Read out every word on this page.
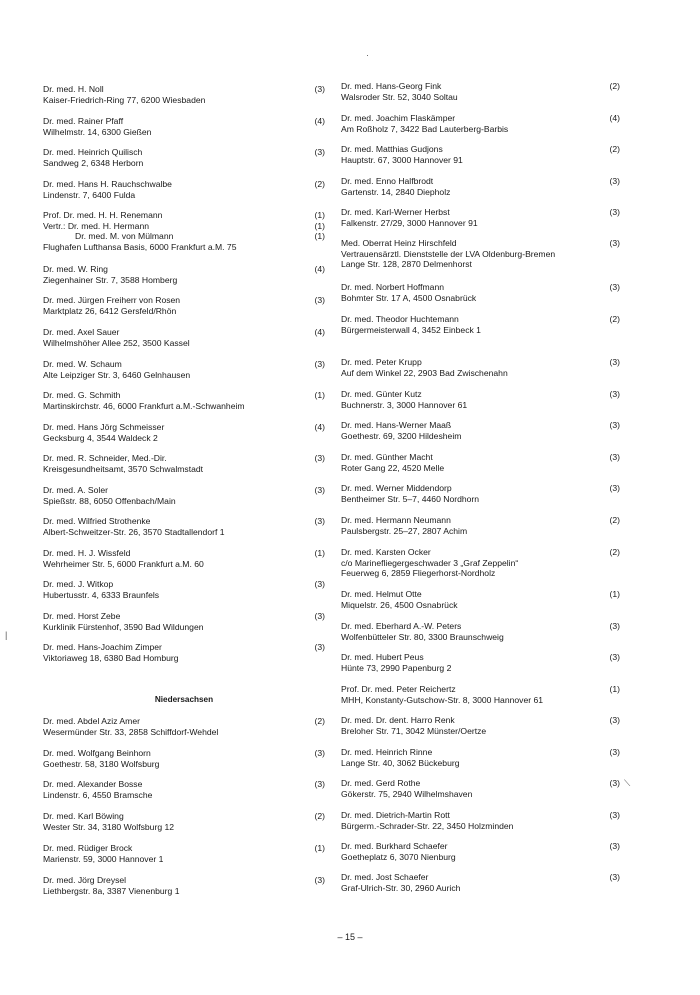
Dr. med. H. Noll
Kaiser-Friedrich-Ring 77, 6200 Wiesbaden
(3)
Dr. med. Rainer Pfaff
Wilhelmstr. 14, 6300 Gießen
(4)
Dr. med. Heinrich Quilisch
Sandweg 2, 6348 Herborn
(3)
Dr. med. Hans H. Rauchschwalbe
Lindenstr. 7, 6400 Fulda
(2)
Prof. Dr. med. H. H. Renemann
Vertr.: Dr. med. H. Hermann
Dr. med. M. von Mülmann
Flughafen Lufthansa Basis, 6000 Frankfurt a.M. 75
(1)
(1)
(1)
Dr. med. W. Ring
Ziegenhainer Str. 7, 3588 Homberg
(4)
Dr. med. Jürgen Freiherr von Rosen
Marktplatz 26, 6412 Gersfeld/Rhön
(3)
Dr. med. Axel Sauer
Wilhelmshöher Allee 252, 3500 Kassel
(4)
Dr. med. W. Schaum
Alte Leipziger Str. 3, 6460 Gelnhausen
(3)
Dr. med. G. Schmith
Martinskirchstr. 46, 6000 Frankfurt a.M.-Schwanheim
(1)
Dr. med. Hans Jörg Schmeisser
Gecksburg 4, 3544 Waldeck 2
(4)
Dr. med. R. Schneider, Med.-Dir.
Kreisgesundheitsamt, 3570 Schwalmstadt
(3)
Dr. med. A. Soler
Spießstr. 88, 6050 Offenbach/Main
(3)
Dr. med. Wilfried Strothenke
Albert-Schweitzer-Str. 26, 3570 Stadtallendorf 1
(3)
Dr. med. H. J. Wissfeld
Wehrheimer Str. 5, 6000 Frankfurt a.M. 60
(1)
Dr. med. J. Witkop
Hubertusstr. 4, 6333 Braunfels
(3)
Dr. med. Horst Zebe
Kurklinik Fürstenhof, 3590 Bad Wildungen
(3)
Dr. med. Hans-Joachim Zimper
Viktoriaweg 18, 6380 Bad Homburg
(3)
Niedersachsen
Dr. med. Abdel Aziz Amer
Wesermünder Str. 33, 2858 Schiffdorf-Wehdel
(2)
Dr. med. Wolfgang Beinhorn
Goethestr. 58, 3180 Wolfsburg
(3)
Dr. med. Alexander Bosse
Lindenstr. 6, 4550 Bramsche
(3)
Dr. med. Karl Böwing
Wester Str. 34, 3180 Wolfsburg 12
(2)
Dr. med. Rüdiger Brock
Marienstr. 59, 3000 Hannover 1
(1)
Dr. med. Jörg Dreysel
Liethbergstr. 8a, 3387 Vienenburg 1
(3)
Dr. med. Hans-Georg Fink
Walsroder Str. 52, 3040 Soltau
(2)
Dr. med. Joachim Flaskämper
Am Roßholz 7, 3422 Bad Lauterberg-Barbis
(4)
Dr. med. Matthias Gudjons
Hauptstr. 67, 3000 Hannover 91
(2)
Dr. med. Enno Halfbrodt
Gartenstr. 14, 2840 Diepholz
(3)
Dr. med. Karl-Werner Herbst
Falkenstr. 27/29, 3000 Hannover 91
(3)
Med. Oberrat Heinz Hirschfeld
Vertrauensärztl. Dienststelle der LVA Oldenburg-Bremen
Lange Str. 128, 2870 Delmenhorst
(3)
Dr. med. Norbert Hoffmann
Bohmter Str. 17 A, 4500 Osnabrück
(3)
Dr. med. Theodor Huchtemann
Bürgermeisterwall 4, 3452 Einbeck 1
(2)
Dr. med. Peter Krupp
Auf dem Winkel 22, 2903 Bad Zwischenahn
(3)
Dr. med. Günter Kutz
Buchnerstr. 3, 3000 Hannover 61
(3)
Dr. med. Hans-Werner Maaß
Goethestr. 69, 3200 Hildesheim
(3)
Dr. med. Günther Macht
Roter Gang 22, 4520 Melle
(3)
Dr. med. Werner Middendorp
Bentheimer Str. 5–7, 4460 Nordhorn
(3)
Dr. med. Hermann Neumann
Paulsbergstr. 25–27, 2807 Achim
(2)
Dr. med. Karsten Ocker
c/o Marinefliegergeschwader 3 „Graf Zeppelin“
Feuerweg 6, 2859 Fliegerhorst-Nordholz
(2)
Dr. med. Helmut Otte
Miquelstr. 26, 4500 Osnabrück
(1)
Dr. med. Eberhard A.-W. Peters
Wolfenbütteler Str. 80, 3300 Braunschweig
(3)
Dr. med. Hubert Peus
Hünte 73, 2990 Papenburg 2
(3)
Prof. Dr. med. Peter Reichertz
MHH, Konstanty-Gutschow-Str. 8, 3000 Hannover 61
(1)
Dr. med. Dr. dent. Harro Renk
Breloher Str. 71, 3042 Münster/Oertze
(3)
Dr. med. Heinrich Rinne
Lange Str. 40, 3062 Bückeburg
(3)
Dr. med. Gerd Rothe
Gökerstr. 75, 2940 Wilhelmshaven
(3)
Dr. med. Dietrich-Martin Rott
Bürgerm.-Schrader-Str. 22, 3450 Holzminden
(3)
Dr. med. Burkhard Schaefer
Goetheplatz 6, 3070 Nienburg
(3)
Dr. med. Jost Schaefer
Graf-Ulrich-Str. 30, 2960 Aurich
(3)
– 15 –
·
|
⟍
